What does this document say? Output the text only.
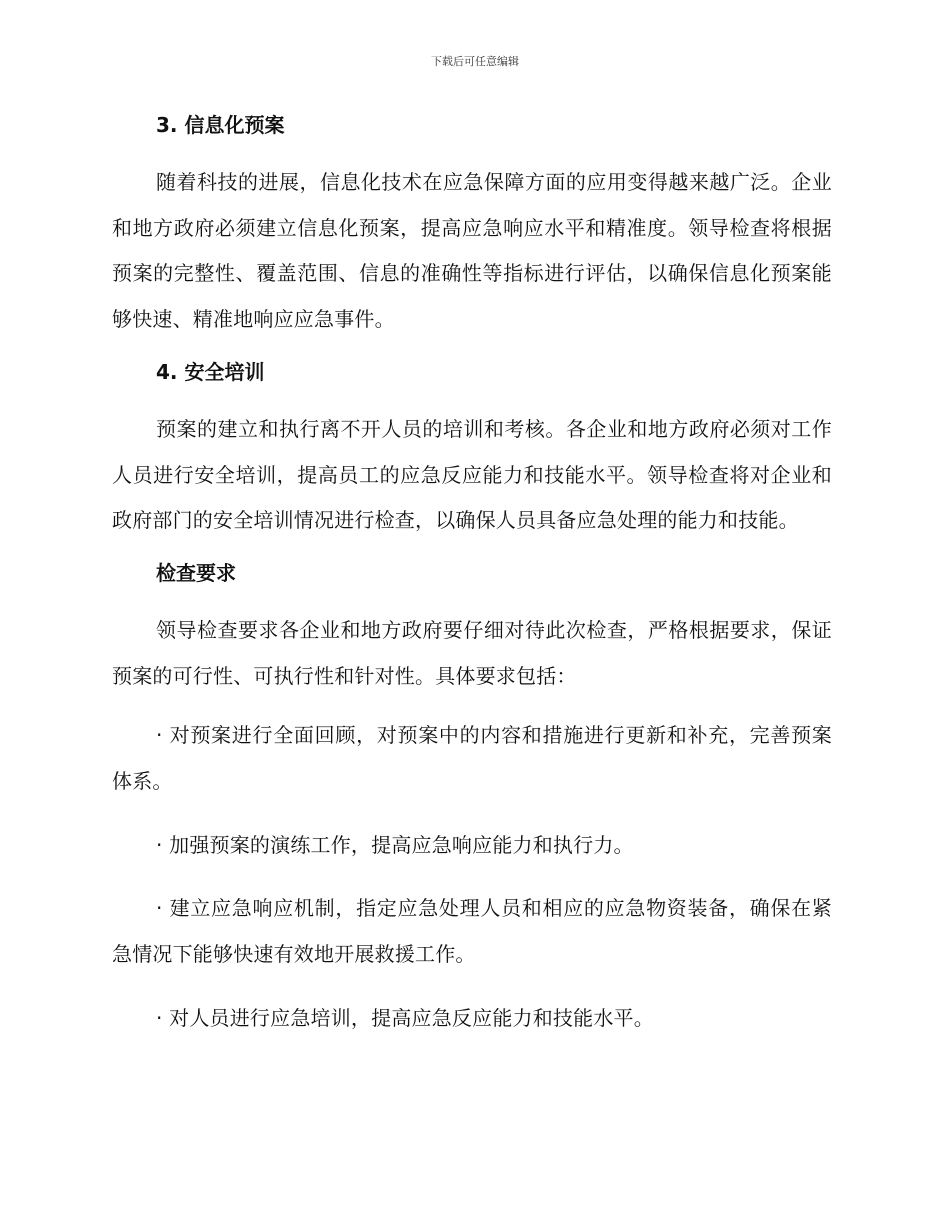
下载后可任意编辑
3. 信息化预案

随着科技的进展，信息化技术在应急保障方面的应用变得越来越广泛。企业和地方政府必须建立信息化预案，提高应急响应水平和精准度。领导检查将根据预案的完整性、覆盖范围、信息的准确性等指标进行评估，以确保信息化预案能够快速、精准地响应应急事件。

4. 安全培训

预案的建立和执行离不开人员的培训和考核。各企业和地方政府必须对工作人员进行安全培训，提高员工的应急反应能力和技能水平。领导检查将对企业和政府部门的安全培训情况进行检查，以确保人员具备应急处理的能力和技能。

检查要求

领导检查要求各企业和地方政府要仔细对待此次检查，严格根据要求，保证预案的可行性、可执行性和针对性。具体要求包括：

· 对预案进行全面回顾，对预案中的内容和措施进行更新和补充，完善预案体系。

· 加强预案的演练工作，提高应急响应能力和执行力。

· 建立应急响应机制，指定应急处理人员和相应的应急物资装备，确保在紧急情况下能够快速有效地开展救援工作。

· 对人员进行应急培训，提高应急反应能力和技能水平。
